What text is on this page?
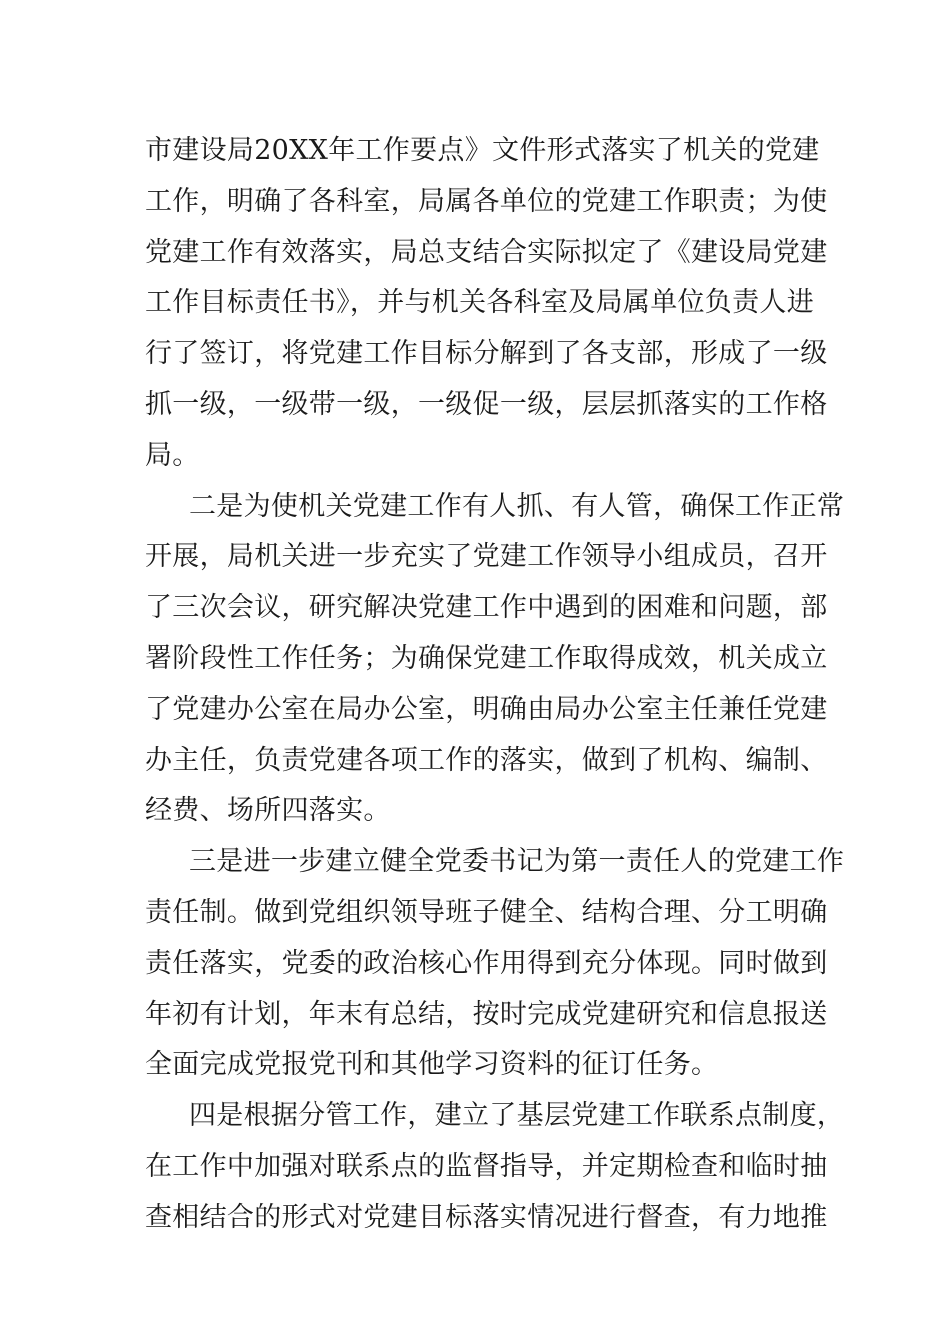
市建设局20XX年工作要点》文件形式落实了机关的党建
工作，明确了各科室，局属各单位的党建工作职责；为使
党建工作有效落实，局总支结合实际拟定了《建设局党建
工作目标责任书》，并与机关各科室及局属单位负责人进
行了签订，将党建工作目标分解到了各支部，形成了一级
抓一级，一级带一级，一级促一级，层层抓落实的工作格
局。

二是为使机关党建工作有人抓、有人管，确保工作正常
开展，局机关进一步充实了党建工作领导小组成员，召开
了三次会议，研究解决党建工作中遇到的困难和问题，部
署阶段性工作任务；为确保党建工作取得成效，机关成立
了党建办公室在局办公室，明确由局办公室主任兼任党建
办主任，负责党建各项工作的落实，做到了机构、编制、
经费、场所四落实。

三是进一步建立健全党委书记为第一责任人的党建工作
责任制。做到党组织领导班子健全、结构合理、分工明确
责任落实，党委的政治核心作用得到充分体现。同时做到
年初有计划，年末有总结，按时完成党建研究和信息报送
全面完成党报党刊和其他学习资料的征订任务。

四是根据分管工作，建立了基层党建工作联系点制度，
在工作中加强对联系点的监督指导，并定期检查和临时抽
查相结合的形式对党建目标落实情况进行督查，有力地推
